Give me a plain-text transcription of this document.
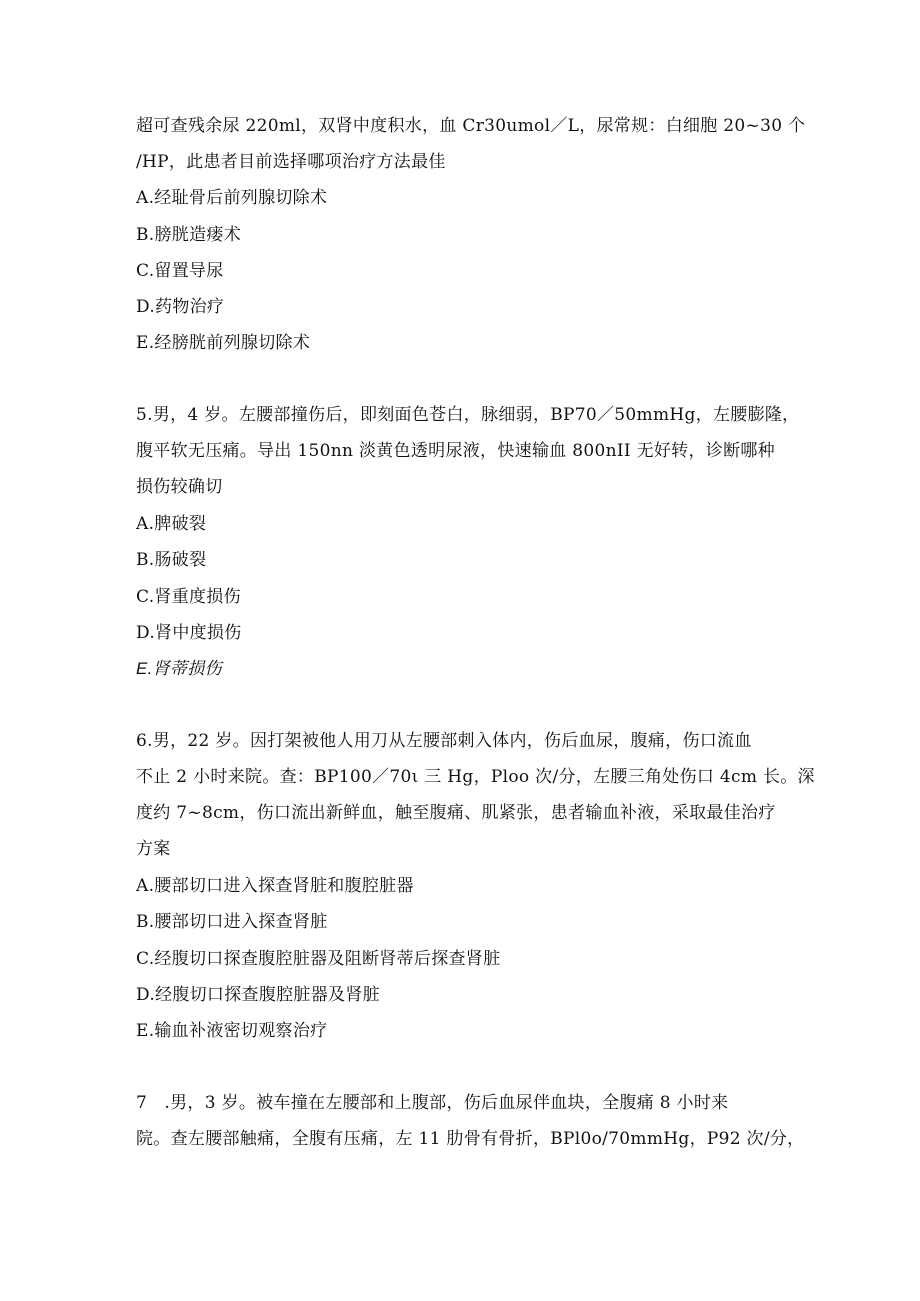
超可查残余尿 220ml，双肾中度积水，血 Cr30umol／L，尿常规：白细胞 20~30 个
/HP，此患者目前选择哪项治疗方法最佳
A.经耻骨后前列腺切除术
B.膀胱造瘘术
C.留置导尿
D.药物治疗
E.经膀胱前列腺切除术
5.男，4 岁。左腰部撞伤后，即刻面色苍白，脉细弱，BP70／50mmHg，左腰膨隆，
腹平软无压痛。导出 150nn 淡黄色透明尿液，快速输血 800nII 无好转，诊断哪种
损伤较确切
A.脾破裂
B.肠破裂
C.肾重度损伤
D.肾中度损伤
E.肾蒂损伤
6.男，22 岁。因打架被他人用刀从左腰部刺入体内，伤后血尿，腹痛，伤口流血
不止 2 小时来院。查：BP100／70ι 三 Hg，Ploo 次/分，左腰三角处伤口 4cm 长。深
度约 7~8cm，伤口流出新鲜血，触至腹痛、肌紧张，患者输血补液，采取最佳治疗
方案
A.腰部切口进入探查肾脏和腹腔脏器
B.腰部切口进入探查肾脏
C.经腹切口探查腹腔脏器及阻断肾蒂后探查肾脏
D.经腹切口探查腹腔脏器及肾脏
E.输血补液密切观察治疗
7　.男，3 岁。被车撞在左腰部和上腹部，伤后血尿伴血块，全腹痛 8 小时来
院。查左腰部触痛，全腹有压痛，左 11 肋骨有骨折，BPl0o/70mmHg，P92 次/分，
